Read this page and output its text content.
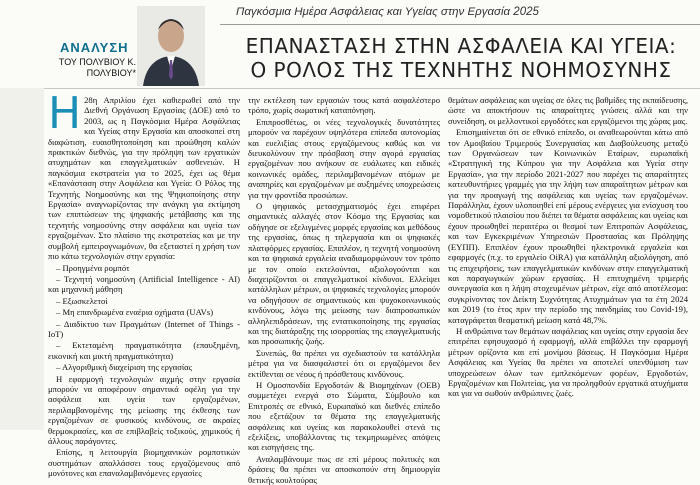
Παγκόσμια Ημέρα Ασφάλειας και Υγείας στην Εργασία 2025
ΑΝΑΛΥΣΗ
ΤΟΥ ΠΟΛΥΒΙΟΥ Κ.
ΠΟΛΥΒΙΟΥ*
ΕΠΑΝΑΣΤΑΣΗ ΣΤΗΝ ΑΣΦΑΛΕΙΑ ΚΑΙ ΥΓΕΙΑ:
Ο ΡΟΛΟΣ ΤΗΣ ΤΕΧΝΗΤΗΣ ΝΟΗΜΟΣΥΝΗΣ
Η 28η Απριλίου έχει καθιερωθεί από την Διεθνή Οργάνωση Εργασίας (ΔΟΕ) από το 2003, ως η Παγκόσμια Ημέρα Ασφάλειας και Υγείας στην Εργασία και αποσκοπεί στη διαφώτιση, ευαισθητοποίηση και προώθηση καλών πρακτικών διεθνώς, για την πρόληψη των εργατικών ατυχημάτων και επαγγελματικών ασθενειών. Η παγκόσμια εκστρατεία για το 2025, έχει ως θέμα «Επανάσταση στην Ασφάλεια και Υγεία: Ο Ρόλος της Τεχνητής Νοημοσύνης και της Ψηφιοποίησης στην Εργασία» αναγνωρίζοντας την ανάγκη για εκτίμηση των επιπτώσεων της ψηφιακής μετάβασης και της τεχνητής νοημοσύνης στην ασφάλεια και υγεία των εργαζομένων. Στο πλαίσιο της εκστρατείας και με την συμβολή εμπειρογνωμόνων, θα εξεταστεί η χρήση των πιο κάτω τεχνολογιών στην εργασία:

– Προηγμένα ρομπότ

– Τεχνητή νοημοσύνη (Artificial Intelligence - AI) και μηχανική μάθηση

– Εξωσκελετοί

– Μη επανδρωμένα εναέρια οχήματα (UAVs)

– Διαδίκτυο των Πραγμάτων (Internet of Things - IoT)

– Εκτεταμένη πραγματικότητα (επαυξημένη, εικονική και μικτή πραγματικότητα)

– Αλγοριθμική διαχείριση της εργασίας

Η εφαρμογή τεχνολογιών αιχμής στην εργασία μπορούν να αποφέρουν σημαντικά οφέλη για την ασφάλεια και υγεία των εργαζομένων, περιλαμβανομένης της μείωσης της έκθεσης των εργαζομένων σε φυσικούς κινδύνους, σε ακραίες θερμοκρασίες, και σε επιβλαβείς τοξικούς, χημικούς ή άλλους παράγοντες.

Επίσης, η λειτουργία βιομηχανικών ρομποτικών συστημάτων απαλλάσσει τους εργαζόμενους από μονότονες και επαναλαμβανόμενες εργασίες

την εκτέλεση των εργασιών τους κατά ασφαλέστερο τρόπο, χωρίς σωματική καταπόνηση.

Επιπροσθέτως, οι νέες τεχνολογικές δυνατότητες μπορούν να παρέχουν υψηλότερα επίπεδα αυτονομίας και ευελιξίας στους εργαζόμενους καθώς και να διευκολύνουν την πρόσβαση στην αγορά εργασίας εργαζομένων που ανήκουν σε ευάλωτες και ειδικές κοινωνικές ομάδες, περιλαμβανομένων ατόμων με αναπηρίες και εργαζομένων με αυξημένες υποχρεώσεις για την φροντίδα προσώπων.

Ο ψηφιακός μετασχηματισμός έχει επιφέρει σημαντικές αλλαγές στον Κόσμο της Εργασίας και οδήγησε σε εξελιγμένες μορφές εργασίας και μεθόδους της εργασίας, όπως η τηλεργασία και οι ψηφιακές πλατφόρμες εργασίας. Επιπλέον, η τεχνητή νοημοσύνη και τα ψηφιακά εργαλεία αναδιαμορφώνουν τον τρόπο με τον οποίο εκτελούνται, αξιολογούνται και διαχειρίζονται οι επαγγελματικοί κίνδυνοι. Ελλείψει κατάλληλων μέτρων, οι ψηφιακές τεχνολογίες μπορούν να οδηγήσουν σε σημαντικούς και ψυχοκοινωνικούς κινδύνους, λόγω της μείωσης των διαπροσωπικών αλληλεπιδράσεων, της εντατικοποίησης της εργασίας και της διατάραξης της ισορροπίας της επαγγελματικής και προσωπικής ζωής.

Συνεπώς, θα πρέπει να σχεδιαστούν τα κατάλληλα μέτρα για να διασφαλιστεί ότι οι εργαζόμενοι δεν εκτίθενται σε νέους ή πρόσθετους κινδύνους.

Η Ομοσπονδία Εργοδοτών & Βιομηχάνων (ΟΕΒ) συμμετέχει ενεργά στο Σώματα, Σύμβουλο και Επιτροπές σε εθνικό, Ευρωπαϊκό και διεθνές επίπεδο που εξετάζουν τα θέματα της επαγγελματικής ασφάλειας και υγείας και παρακολουθεί στενά τις εξελίξεις, υποβάλλοντας τις τεκμηριωμένες απόψεις και εισηγήσεις της.

Αναλαμβάνουμε πως σε επί μέρους πολιτικές και δράσεις θα πρέπει να αποσκοπούν στη δημιουργία θετικής κουλτούρας

θεμάτων ασφάλειας και υγείας σε όλες τις βαθμίδες της εκπαίδευσης, ώστε να αποκτήσουν τις απαραίτητες γνώσεις αλλά και την συνείδηση, οι μελλοντικοί εργοδότες και εργαζόμενοι της χώρας μας.

Επισημαίνεται ότι σε εθνικό επίπεδο, οι αναθεωρούνται κάτω από τον Αμοιβαίου Τριμερούς Συνεργασίας και Διαβούλευσης μεταξύ των Οργανώσεων των Κοινωνικών Εταίρων, ευρωπαϊκή «Στρατηγική της Κύπρου για την Ασφάλεια και Υγεία στην Εργασία», για την περίοδο 2021-2027 που παρέχει τις απαραίτητες κατευθυντήριες γραμμές για την λήψη των απαραίτητων μέτρων και για την προαγωγή της ασφάλειας και υγείας των εργαζομένων. Παράλληλα, έχουν υλοποιηθεί επί μέρους ενέργειες για ενίσχυση του νομοθετικού πλαισίου που διέπει τα θέματα ασφάλειας και υγείας και έχουν προωθηθεί περαιτέρω οι θεσμοί των Επιτροπών Ασφάλειας, και των Εγκεκριμένων Υπηρεσιών Προστασίας και Πρόληψης (ΕΥΠΠ). Επιπλέον έχουν προωθηθεί ηλεκτρονικά εργαλεία και εφαρμογές (π.χ. το εργαλείο OiRA) για κατάλληλη αξιολόγηση, από τις επιχειρήσεις, των επαγγελματικών κινδύνων στην επαγγελματική και παραγωγικών χώρων εργασίας. Η επιτυχημένη τριμερής συνεργασία και η λήψη στοχευμένων μέτρων, είχε από αποτέλεσμα: συγκρίνοντας τον Δείκτη Συχνότητας Ατυχημάτων για τα έτη 2024 και 2019 (το έτος πριν την περίοδο της πανδημίας του Covid-19), καταγράφεται θεαματική μείωση κατά 48,7%.

Η ανθρώπινα των θεμάτων ασφάλειας και υγείας στην εργασία δεν επιτρέπει εφησυχασμό ή εφαρμογή, αλλά επιβάλλει την εφαρμογή μέτρων ορίζοντα και επί μονίμου βάσεως. Η Παγκόσμια Ημέρα Ασφάλειας και Υγείας θα πρέπει να αποτελεί υπενθύμιση των υποχρεώσεων όλων των εμπλεκόμενων φορέων, Εργοδοτών, Εργαζομένων και Πολιτείας, για να προληφθούν εργατικά ατυχήματα και για να σωθούν ανθρώπινες ζωές.
